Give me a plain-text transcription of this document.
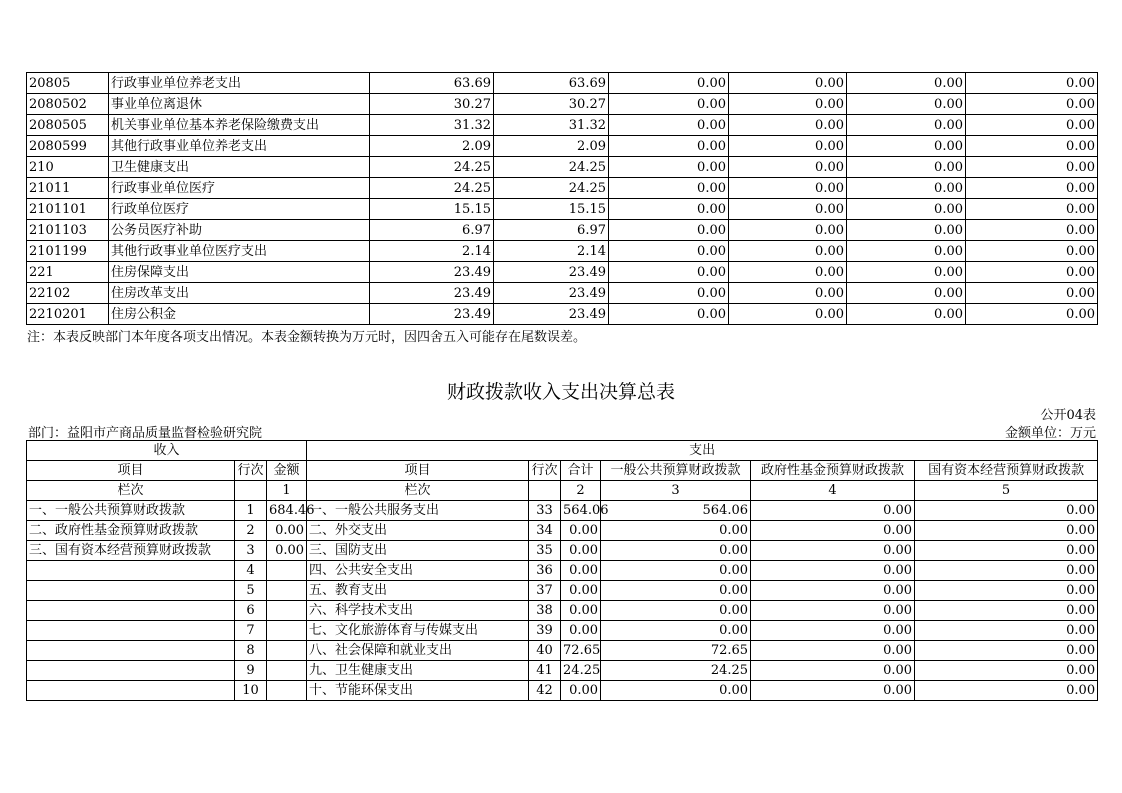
20805	行政事业单位养老支出	63.69	63.69	0.00	0.00	0.00	0.00
2080502	事业单位离退休	30.27	30.27	0.00	0.00	0.00	0.00
2080505	机关事业单位基本养老保险缴费支出	31.32	31.32	0.00	0.00	0.00	0.00
2080599	其他行政事业单位养老支出	2.09	2.09	0.00	0.00	0.00	0.00
210	卫生健康支出	24.25	24.25	0.00	0.00	0.00	0.00
21011	行政事业单位医疗	24.25	24.25	0.00	0.00	0.00	0.00
2101101	行政单位医疗	15.15	15.15	0.00	0.00	0.00	0.00
2101103	公务员医疗补助	6.97	6.97	0.00	0.00	0.00	0.00
2101199	其他行政事业单位医疗支出	2.14	2.14	0.00	0.00	0.00	0.00
221	住房保障支出	23.49	23.49	0.00	0.00	0.00	0.00
22102	住房改革支出	23.49	23.49	0.00	0.00	0.00	0.00
2210201	住房公积金	23.49	23.49	0.00	0.00	0.00	0.00
注：本表反映部门本年度各项支出情况。本表金额转换为万元时，因四舍五入可能存在尾数误差。
财政拨款收入支出决算总表
公开04表
部门：益阳市产商品质量监督检验研究院	金额单位：万元
收入			支出					
项目	行次	金额	项目	行次	合计	一般公共预算财政拨款	政府性基金预算财政拨款	国有资本经营预算财政拨款
栏次		1	栏次		2	3	4	5
一、一般公共预算财政拨款	1	684.46	一、一般公共服务支出	33	564.06	564.06	0.00	0.00
二、政府性基金预算财政拨款	2	0.00	二、外交支出	34	0.00	0.00	0.00	0.00
三、国有资本经营预算财政拨款	3	0.00	三、国防支出	35	0.00	0.00	0.00	0.00
	4		四、公共安全支出	36	0.00	0.00	0.00	0.00
	5		五、教育支出	37	0.00	0.00	0.00	0.00
	6		六、科学技术支出	38	0.00	0.00	0.00	0.00
	7		七、文化旅游体育与传媒支出	39	0.00	0.00	0.00	0.00
	8		八、社会保障和就业支出	40	72.65	72.65	0.00	0.00
	9		九、卫生健康支出	41	24.25	24.25	0.00	0.00
	10		十、节能环保支出	42	0.00	0.00	0.00	0.00
